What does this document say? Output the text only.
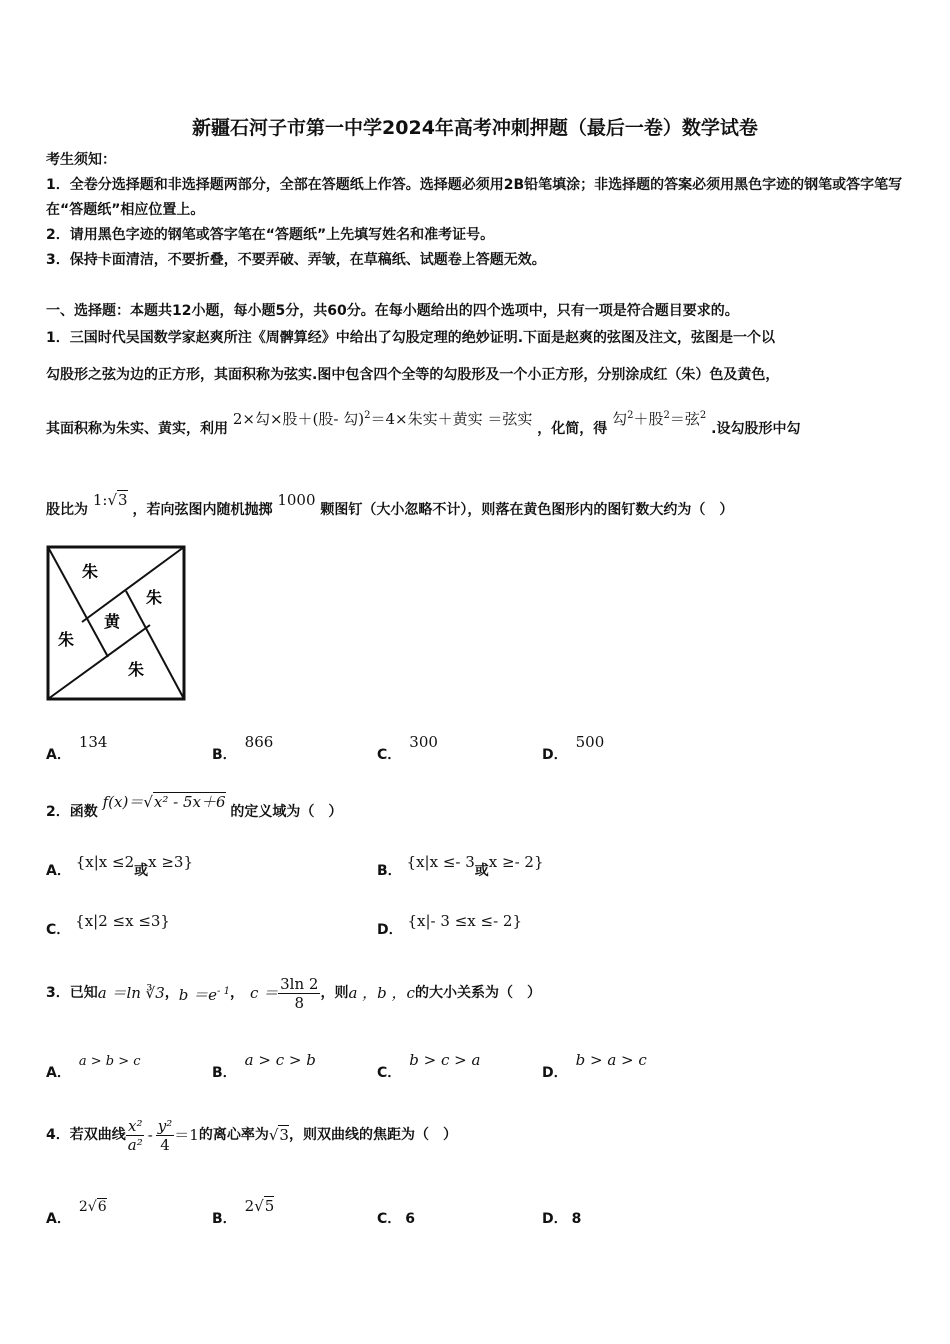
新疆石河子市第一中学2024年高考冲刺押题（最后一卷）数学试卷
考生须知：
1．全卷分选择题和非选择题两部分，全部在答题纸上作答。选择题必须用2B铅笔填涂；非选择题的答案必须用黑色字迹的钢笔或答字笔写在“答题纸”相应位置上。
2．请用黑色字迹的钢笔或答字笔在“答题纸”上先填写姓名和准考证号。
3．保持卡面清洁，不要折叠，不要弄破、弄皱，在草稿纸、试题卷上答题无效。
一、选择题：本题共12小题，每小题5分，共60分。在每小题给出的四个选项中，只有一项是符合题目要求的。
1．三国时代吴国数学家赵爽所注《周髀算经》中给出了勾股定理的绝妙证明.下面是赵爽的弦图及注文，弦图是一个以
勾股形之弦为边的正方形，其面积称为弦实.图中包含四个全等的勾股形及一个小正方形，分别涂成红（朱）色及黄色，
其面积称为朱实、黄实，利用 2×勾×股＋(股- 勾)$^2$＝4×朱实＋黄实 ＝弦实 ，化简，得 勾$^2$＋股$^2$＝弦$^2$ .设勾股形中勾
股比为 1:√3 ，若向弦图内随机抛掷 1000 颗图钉（大小忽略不计），则落在黄色图形内的图钉数大约为（　）
朱
朱
黄
朱
朱
A．134
B．866
C．300
D．500
2．函数 f(x)＝√x² - 5x＋6 的定义域为（　）
A． {x|x ≤2或x ≥3}	B． {x|x ≤- 3或x ≥- 2}
C． {x|2 ≤x ≤3}	D． {x|- 3 ≤x ≤- 2}
3．已知 a ＝ln ∛3 ， $b =e^{- 1}$ ， $c = \frac{3\ln 2}{8}$ ，则 a ，b ，c 的大小关系为（　）
A．a > b > c
B．a > c > b
C．b > c > a
D．b > a > c
4．若双曲线 $\frac{\text{x²}}{\text{a²}} - \frac{\text{y²}}{4} =1$ 的离心率为 √3 ，则双曲线的焦距为（　）
A．2√6
B．2√5
C． 6	D． 8
